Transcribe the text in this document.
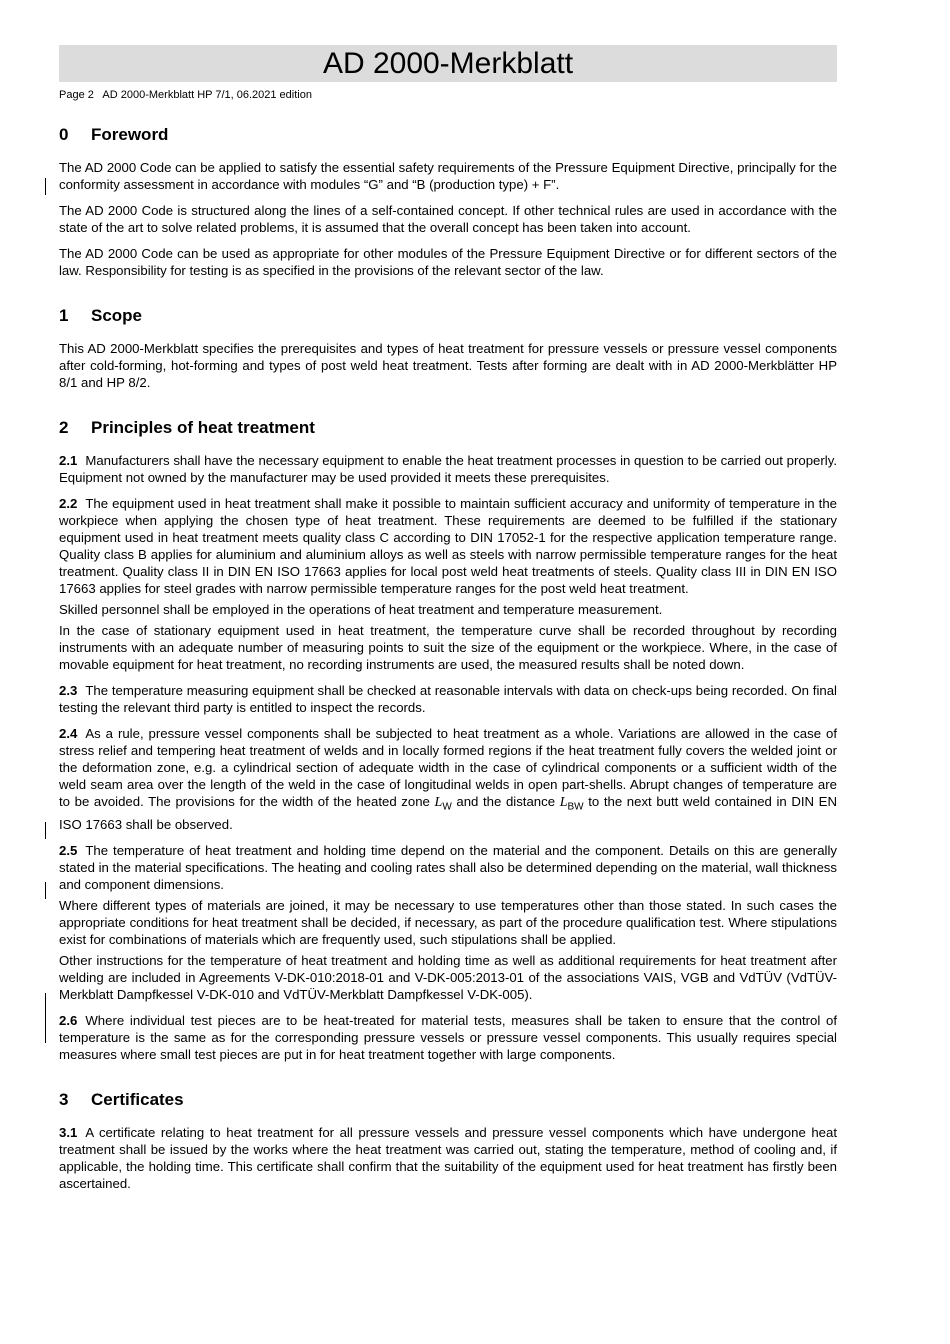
AD 2000-Merkblatt
Page 2   AD 2000-Merkblatt HP 7/1, 06.2021 edition
0 Foreword

The AD 2000 Code can be applied to satisfy the essential safety requirements of the Pressure Equipment Directive, principally for the conformity assessment in accordance with modules “G” and “B (production type) + F”.

The AD 2000 Code is structured along the lines of a self-contained concept. If other technical rules are used in accordance with the state of the art to solve related problems, it is assumed that the overall concept has been taken into account.

The AD 2000 Code can be used as appropriate for other modules of the Pressure Equipment Directive or for different sectors of the law. Responsibility for testing is as specified in the provisions of the relevant sector of the law.

1 Scope

This AD 2000-Merkblatt specifies the prerequisites and types of heat treatment for pressure vessels or pressure vessel components after cold-forming, hot-forming and types of post weld heat treatment. Tests after forming are dealt with in AD 2000-Merkblätter HP 8/1 and HP 8/2.

2 Principles of heat treatment

2.1 Manufacturers shall have the necessary equipment to enable the heat treatment processes in question to be carried out properly. Equipment not owned by the manufacturer may be used provided it meets these prerequisites.

2.2 The equipment used in heat treatment shall make it possible to maintain sufficient accuracy and uniformity of temperature in the workpiece when applying the chosen type of heat treatment. These requirements are deemed to be fulfilled if the stationary equipment used in heat treatment meets quality class C according to DIN 17052-1 for the respective application temperature range. Quality class B applies for aluminium and aluminium alloys as well as steels with narrow permissible temperature ranges for the heat treatment. Quality class II in DIN EN ISO 17663 applies for local post weld heat treatments of steels. Quality class III in DIN EN ISO 17663 applies for steel grades with narrow permissible temperature ranges for the post weld heat treatment.

Skilled personnel shall be employed in the operations of heat treatment and temperature measurement.

In the case of stationary equipment used in heat treatment, the temperature curve shall be recorded throughout by recording instruments with an adequate number of measuring points to suit the size of the equipment or the workpiece. Where, in the case of movable equipment for heat treatment, no recording instruments are used, the measured results shall be noted down.

2.3 The temperature measuring equipment shall be checked at reasonable intervals with data on check-ups being recorded. On final testing the relevant third party is entitled to inspect the records.

2.4 As a rule, pressure vessel components shall be subjected to heat treatment as a whole. Variations are allowed in the case of stress relief and tempering heat treatment of welds and in locally formed regions if the heat treatment fully covers the welded joint or the deformation zone, e.g. a cylindrical section of adequate width in the case of cylindrical components or a sufficient width of the weld seam area over the length of the weld in the case of longitudinal welds in open part-shells. Abrupt changes of temperature are to be avoided. The provisions for the width of the heated zone $L_W$ and the distance $L_{BW}$ to the next butt weld contained in DIN EN ISO 17663 shall be observed.

2.5 The temperature of heat treatment and holding time depend on the material and the component. Details on this are generally stated in the material specifications. The heating and cooling rates shall also be determined depending on the material, wall thickness and component dimensions.

Where different types of materials are joined, it may be necessary to use temperatures other than those stated. In such cases the appropriate conditions for heat treatment shall be decided, if necessary, as part of the procedure qualification test. Where stipulations exist for combinations of materials which are frequently used, such stipulations shall be applied.

Other instructions for the temperature of heat treatment and holding time as well as additional requirements for heat treatment after welding are included in Agreements V-DK-010:2018-01 and V-DK-005:2013-01 of the associations VAIS, VGB and VdTÜV (VdTÜV-Merkblatt Dampfkessel V-DK-010 and VdTÜV-Merkblatt Dampfkessel V-DK-005).

2.6 Where individual test pieces are to be heat-treated for material tests, measures shall be taken to ensure that the control of temperature is the same as for the corresponding pressure vessels or pressure vessel components. This usually requires special measures where small test pieces are put in for heat treatment together with large components.

3 Certificates

3.1 A certificate relating to heat treatment for all pressure vessels and pressure vessel components which have undergone heat treatment shall be issued by the works where the heat treatment was carried out, stating the temperature, method of cooling and, if applicable, the holding time. This certificate shall confirm that the suitability of the equipment used for heat treatment has firstly been ascertained.
